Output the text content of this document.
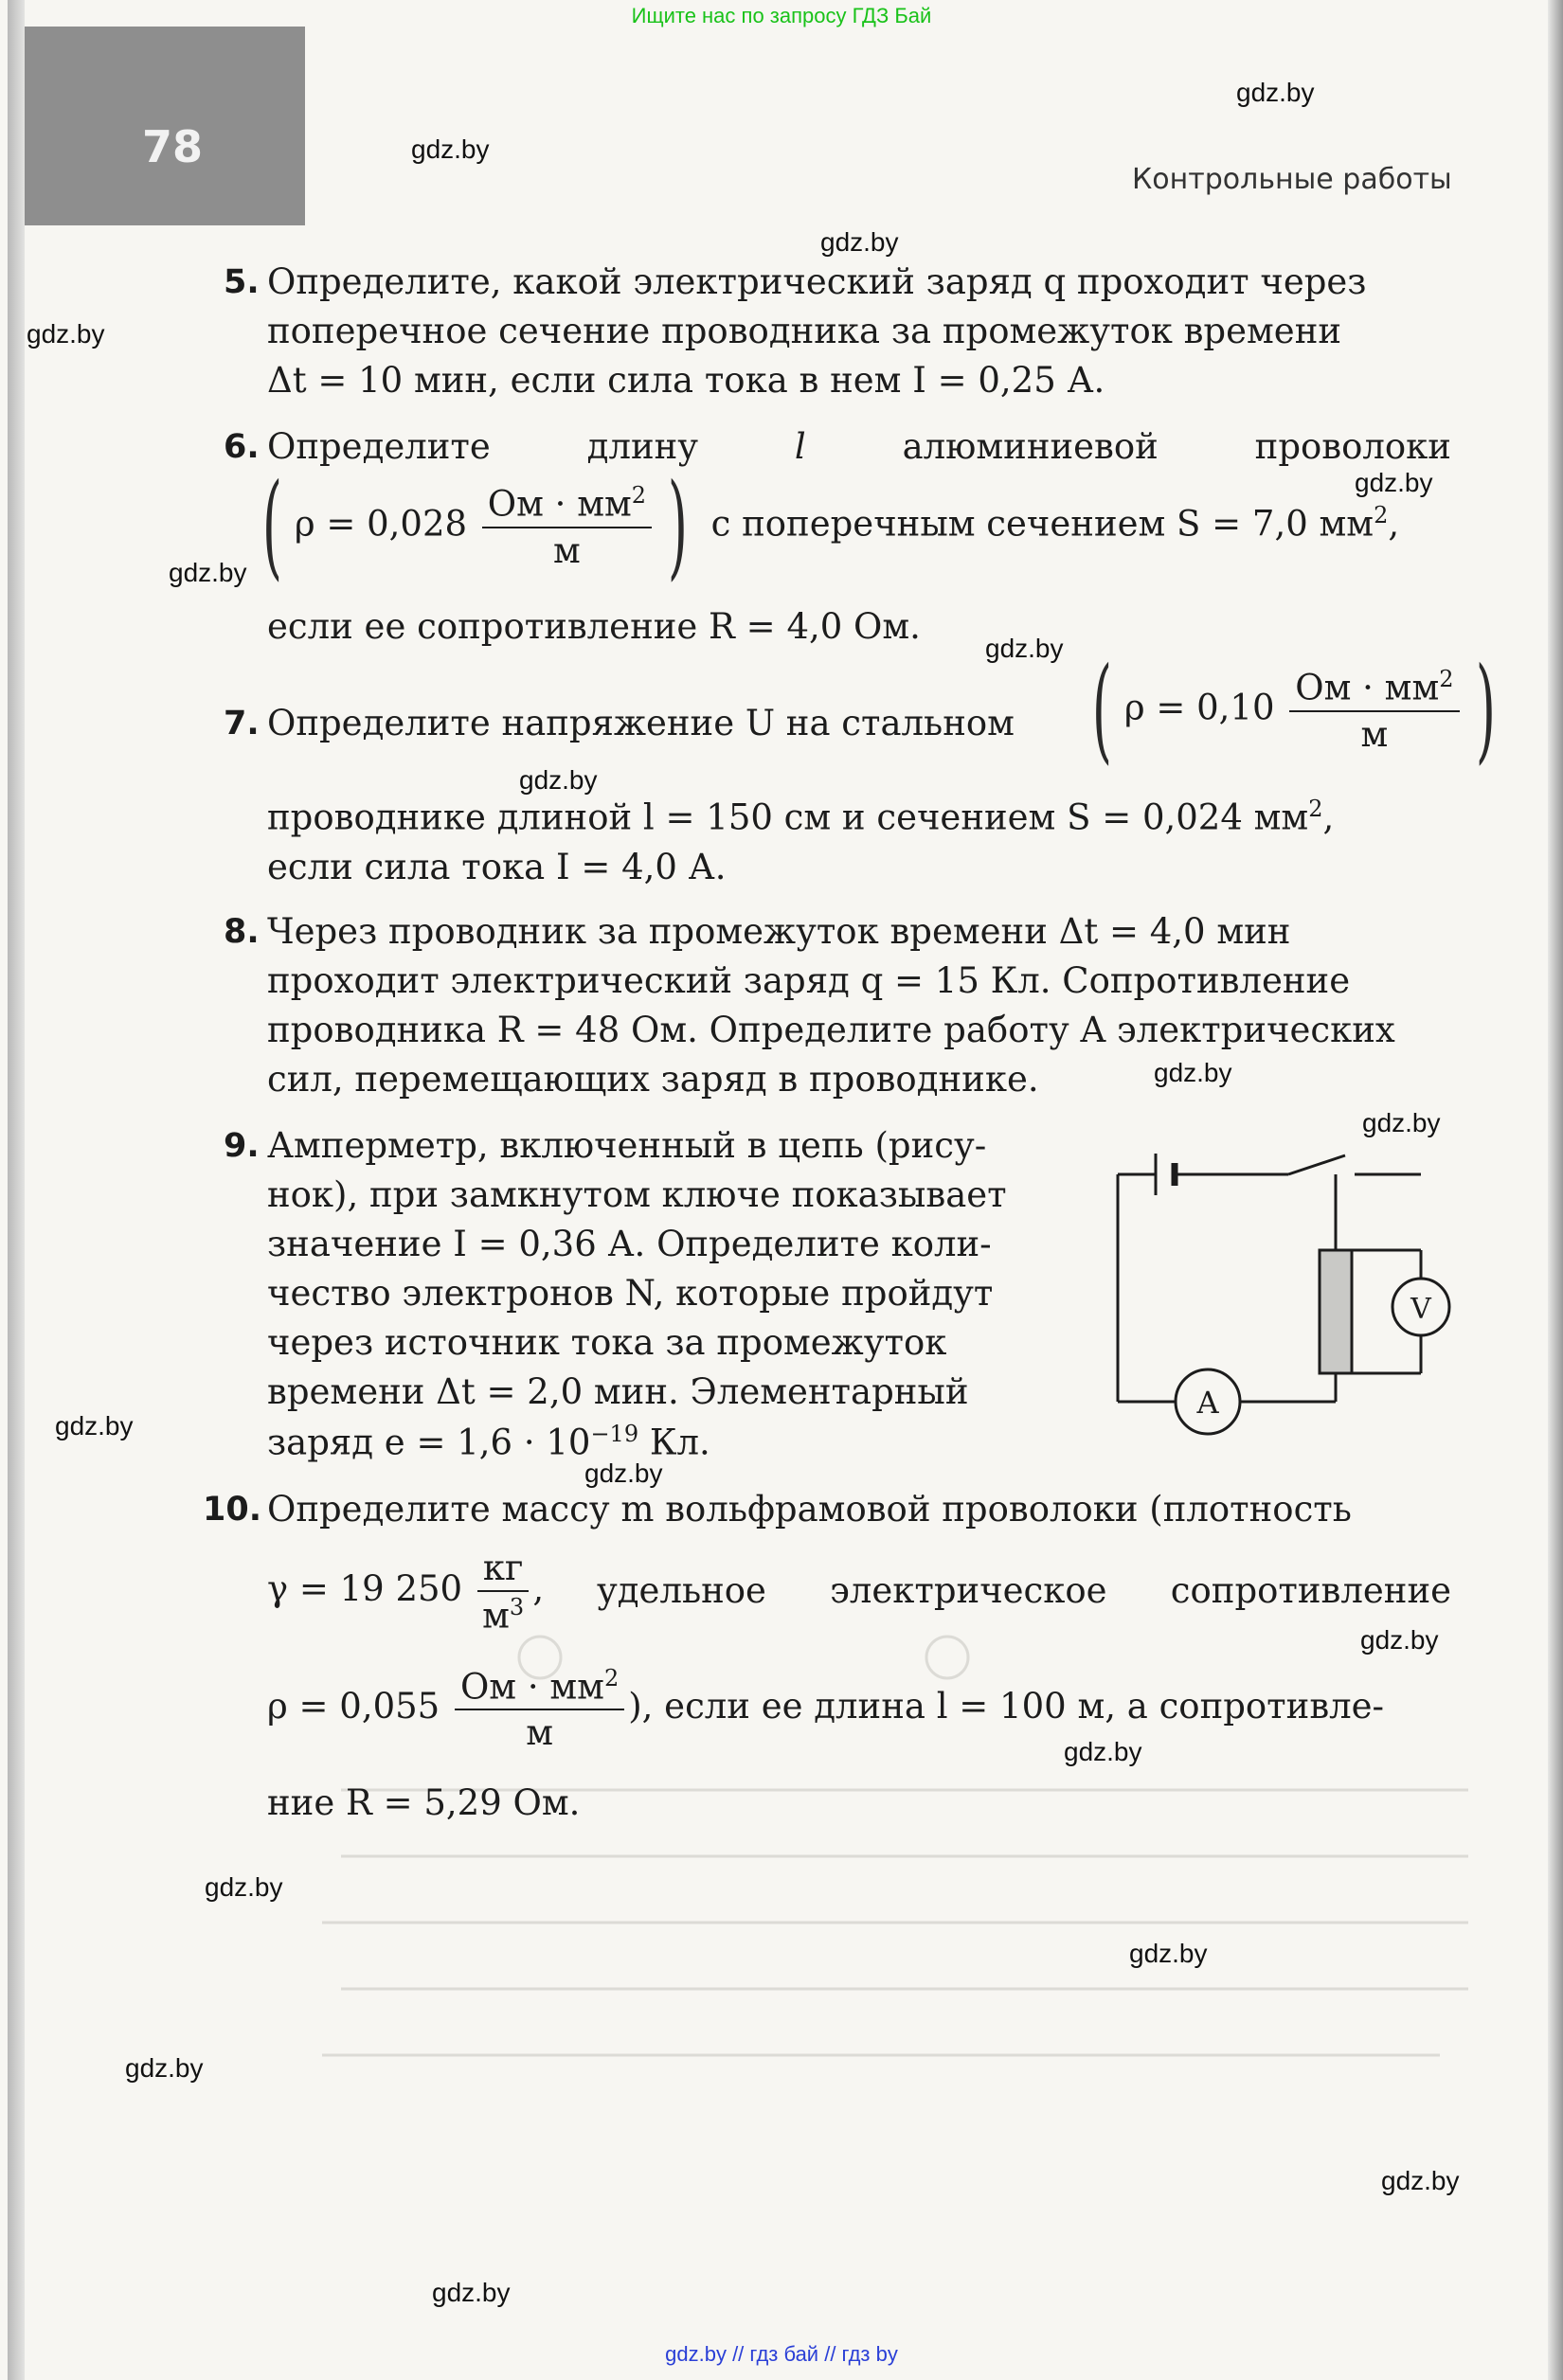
78
Ищите нас по запросу ГДЗ Бай
Контрольные работы
gdz.by // гдз бай // гдз by
gdz.by
gdz.by
gdz.by
gdz.by
gdz.by
gdz.by
gdz.by
gdz.by
gdz.by
gdz.by
gdz.by
gdz.by
gdz.by
gdz.by
gdz.by
gdz.by
gdz.by
gdz.by
gdz.by
5. Определите, какой электрический заряд q проходит через
поперечное сечение проводника за промежуток времени
Δt = 10 мин, если сила тока в нем I = 0,25 А.
6. Определите	длину	l	алюминиевой	проволоки
( $\rho = 0,028 \frac{Ом \cdot мм^2}{м}$ ) с поперечным сечением S = 7,0 $мм^2$,
если ее сопротивление R = 4,0 Ом.
7. Определите напряжение U на стальном ( $\rho = 0,10 \frac{Ом \cdot мм^2}{м}$ )
проводнике длиной l = 150 см и сечением S = 0,024 $мм^2$,
если сила тока I = 4,0 А.
8. Через проводник за промежуток времени Δt = 4,0 мин
проходит электрический заряд q = 15 Кл. Сопротивление
проводника R = 48 Ом. Определите работу A электрических
сил, перемещающих заряд в проводнике.
9. Амперметр, включенный в цепь (рису-
нок), при замкнутом ключе показывает
значение I = 0,36 А. Определите коли-
чество электронов N, которые пройдут
через источник тока за промежуток
времени Δt = 2,0 мин. Элементарный
заряд $e = 1,6 \cdot 10^{-19}$ Кл.
A
V
10. Определите массу m вольфрамовой проволоки (плотность
γ = 19 $250 \frac{кг}{м^3}$ , удельное электрическое сопротивление
$\rho = 0,055 \frac{Ом \cdot мм^2}{м}$ ), если ее длина l = 100 м, а сопротивле-
ние R = 5,29 Ом.
